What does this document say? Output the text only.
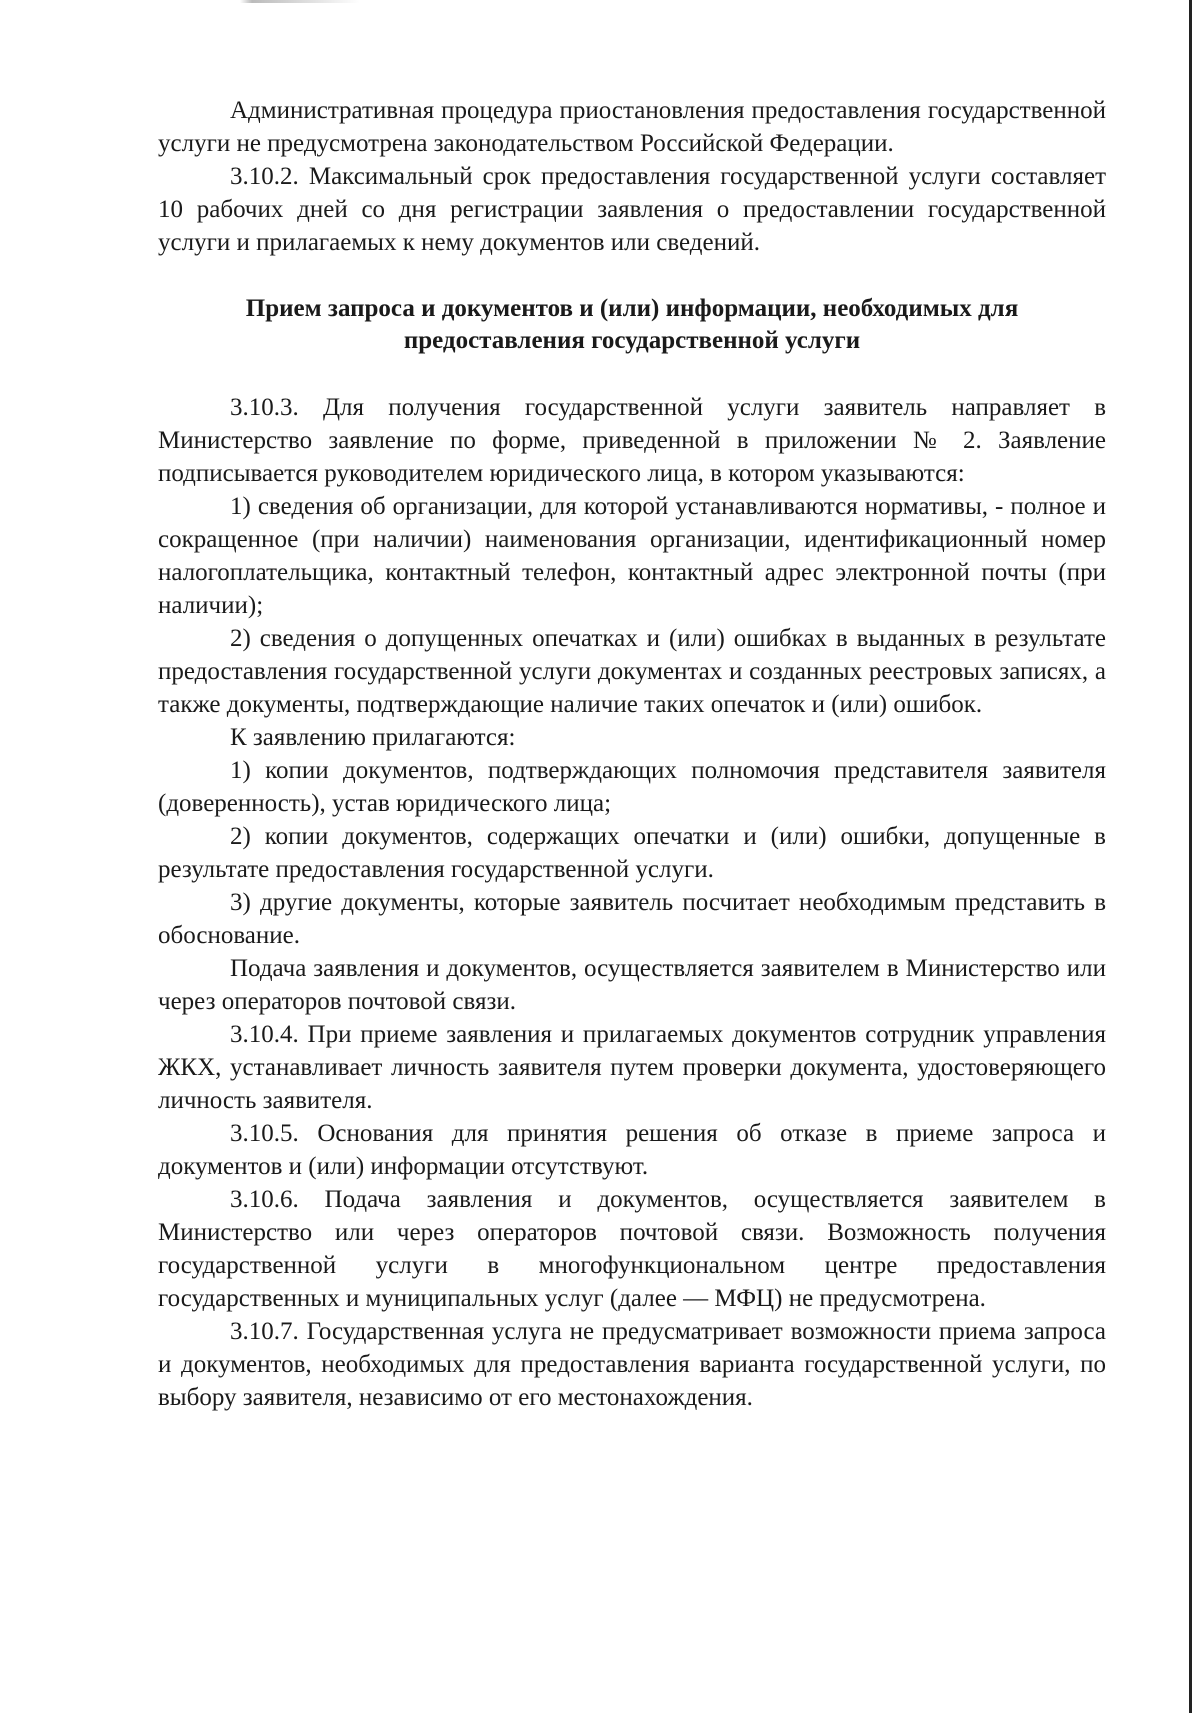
Административная процедура приостановления предоставления государственной услуги не предусмотрена законодательством Российской Федерации.

3.10.2. Максимальный срок предоставления государственной услуги составляет 10 рабочих дней со дня регистрации заявления о предоставлении государственной услуги и прилагаемых к нему документов или сведений.

Прием запроса и документов и (или) информации, необходимых для предоставления государственной услуги

3.10.3. Для получения государственной услуги заявитель направляет в Министерство заявление по форме, приведенной в приложении № 2. Заявление подписывается руководителем юридического лица, в котором указываются:

1) сведения об организации, для которой устанавливаются нормативы, - полное и сокращенное (при наличии) наименования организации, идентификационный номер налогоплательщика, контактный телефон, контактный адрес электронной почты (при наличии);

2) сведения о допущенных опечатках и (или) ошибках в выданных в результате предоставления государственной услуги документах и созданных реестровых записях, а также документы, подтверждающие наличие таких опечаток и (или) ошибок.

К заявлению прилагаются:

1) копии документов, подтверждающих полномочия представителя заявителя (доверенность), устав юридического лица;

2) копии документов, содержащих опечатки и (или) ошибки, допущенные в результате предоставления государственной услуги.

3) другие документы, которые заявитель посчитает необходимым представить в обоснование.

Подача заявления и документов, осуществляется заявителем в Министерство или через операторов почтовой связи.

3.10.4. При приеме заявления и прилагаемых документов сотрудник управления ЖКХ, устанавливает личность заявителя путем проверки документа, удостоверяющего личность заявителя.

3.10.5. Основания для принятия решения об отказе в приеме запроса и документов и (или) информации отсутствуют.

3.10.6. Подача заявления и документов, осуществляется заявителем в Министерство или через операторов почтовой связи. Возможность получения государственной услуги в многофункциональном центре предоставления государственных и муниципальных услуг (далее — МФЦ) не предусмотрена.

3.10.7. Государственная услуга не предусматривает возможности приема запроса и документов, необходимых для предоставления варианта государственной услуги, по выбору заявителя, независимо от его местонахождения.
